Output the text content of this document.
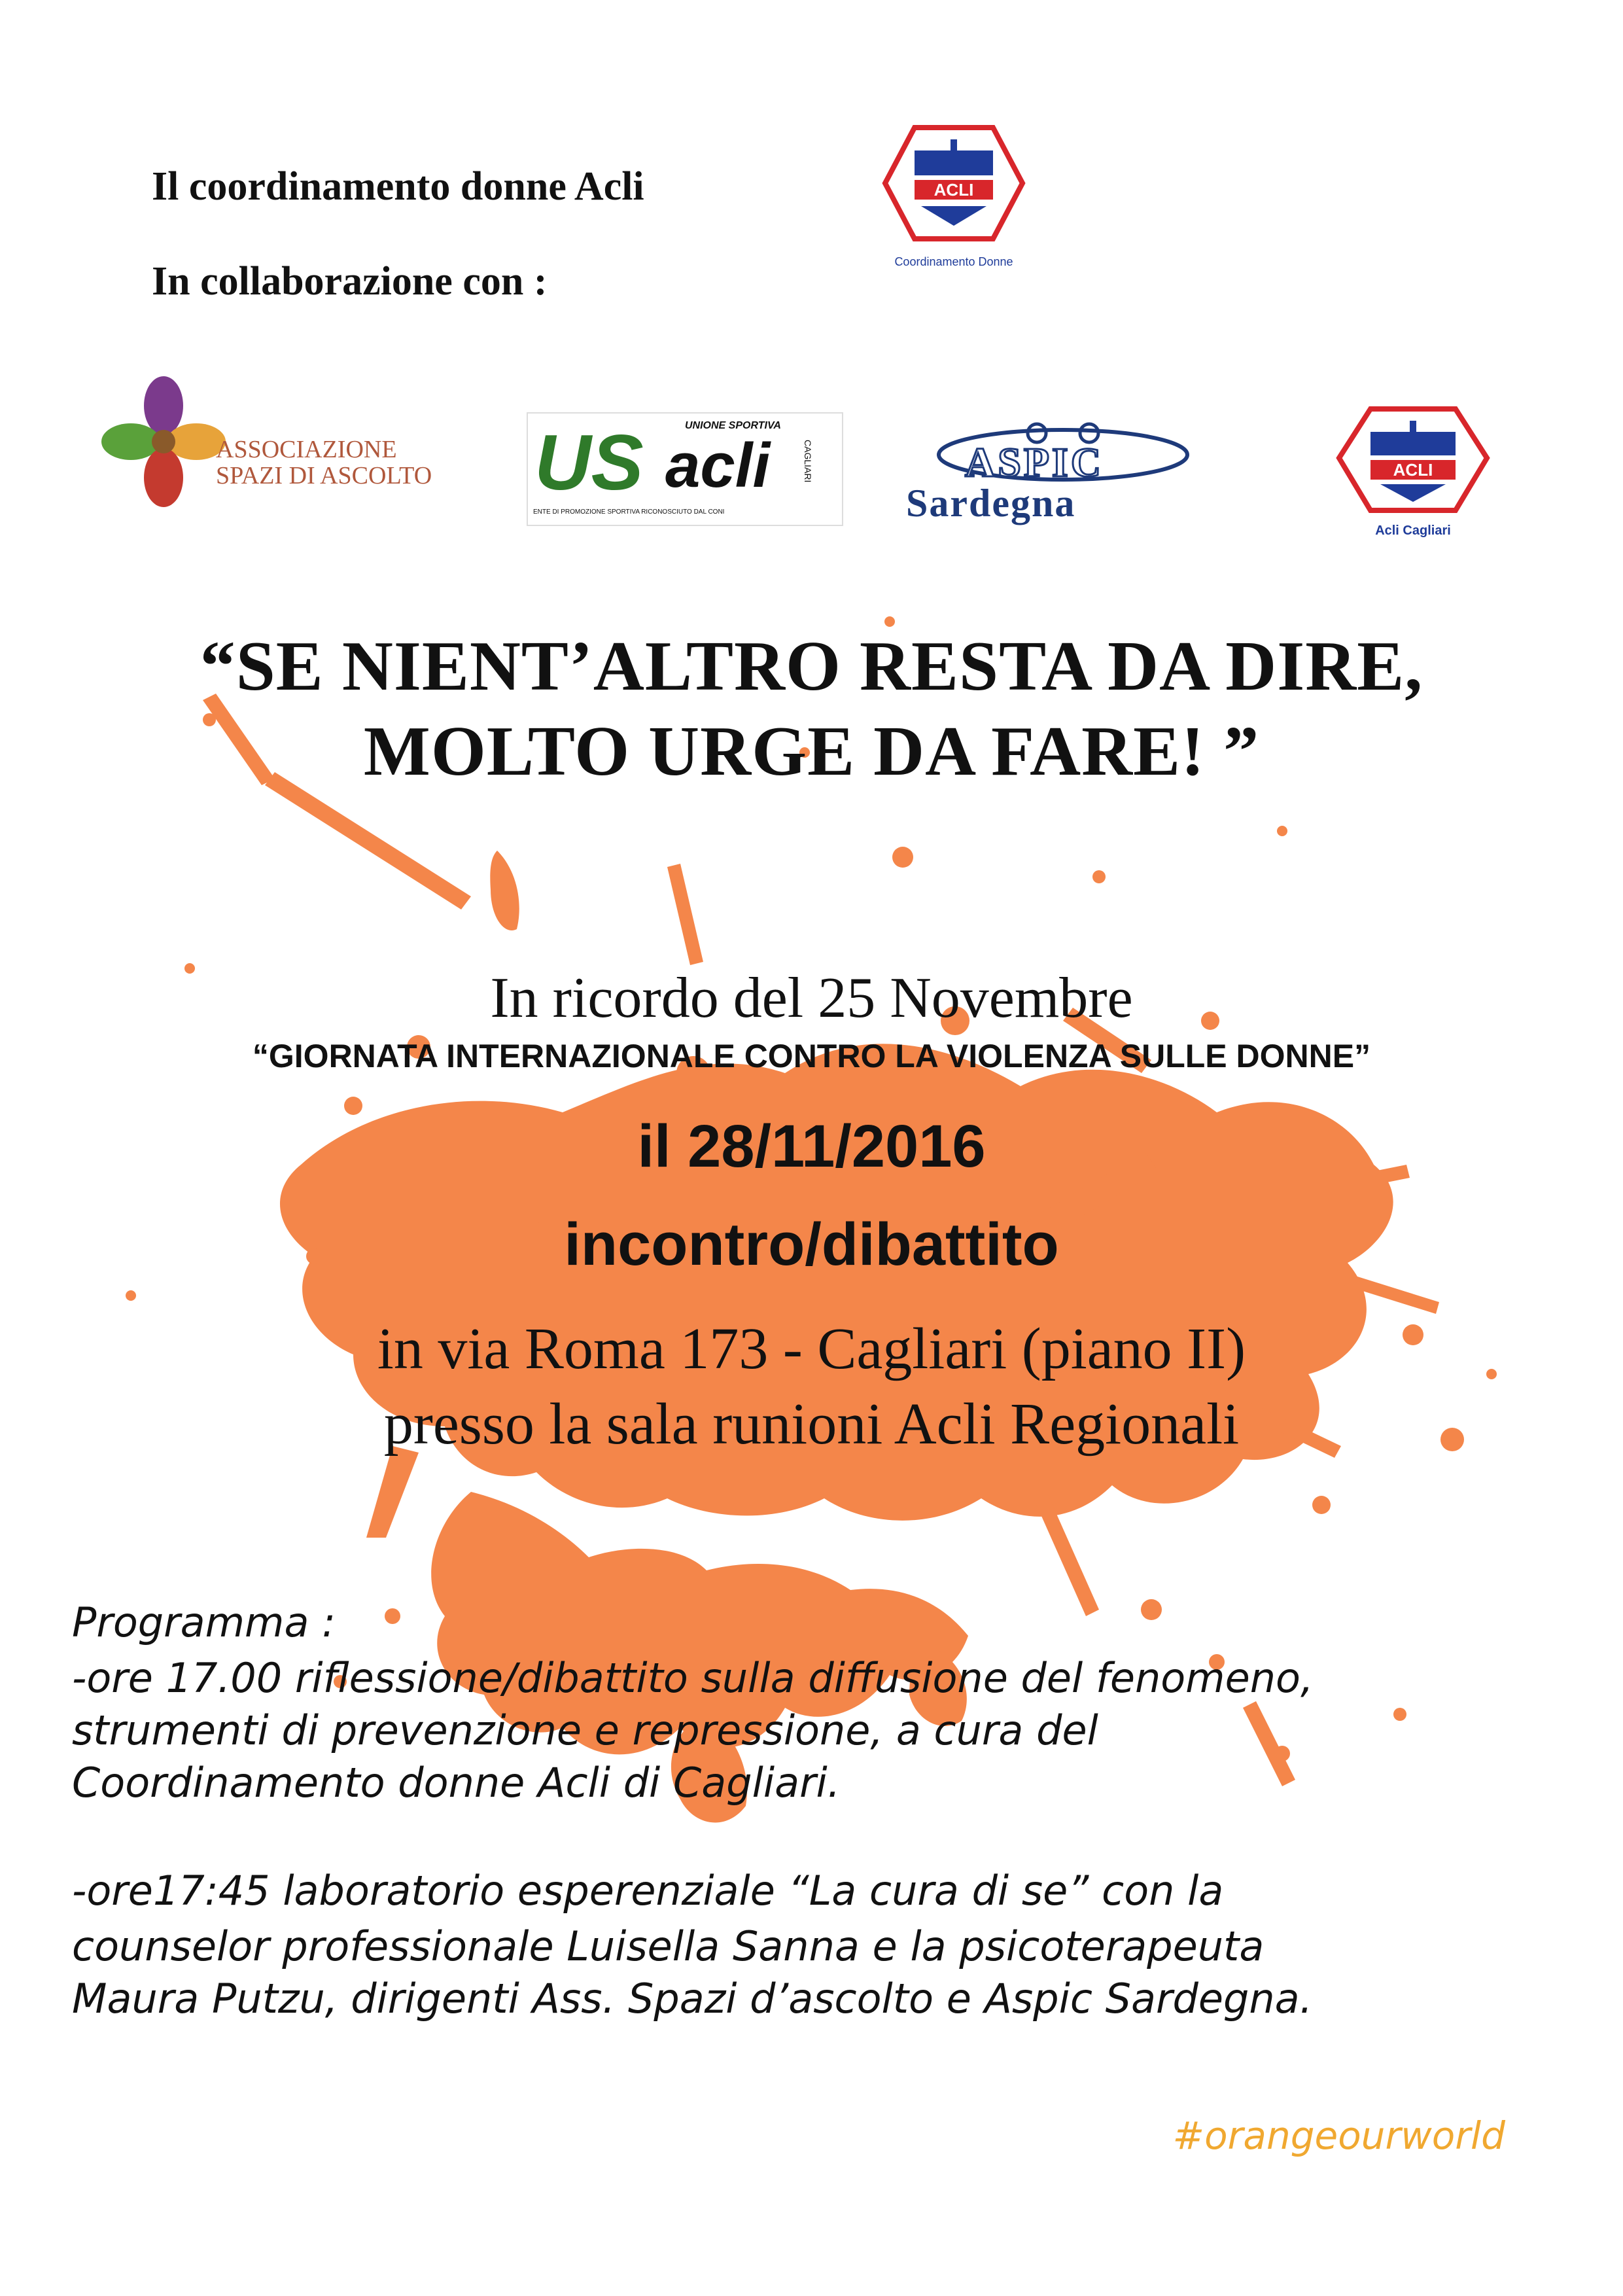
Il coordinamento donne Acli
In collaborazione con :
ACLI
Coordinamento Donne
ASSOCIAZIONE
SPAZI DI ASCOLTO
UNIONE SPORTIVA
US acli	CAGLIARI
ENTE DI PROMOZIONE SPORTIVA RICONOSCIUTO DAL CONI
ASPIC
Sardegna
ACLI
Acli Cagliari
“SE NIENT’ALTRO RESTA DA DIRE,
MOLTO URGE DA FARE! ”
In ricordo del 25 Novembre
“GIORNATA INTERNAZIONALE CONTRO LA VIOLENZA SULLE DONNE”
il 28/11/2016
incontro/dibattito
in via Roma 173 - Cagliari (piano II)
presso la sala runioni Acli Regionali
Programma :
-ore 17.00 riflessione/dibattito sulla diffusione del fenomeno,
strumenti di prevenzione e repressione, a cura del
Coordinamento donne Acli di Cagliari.
-ore17:45 laboratorio esperenziale “La cura di se” con la
counselor professionale Luisella Sanna e la psicoterapeuta
Maura Putzu, dirigenti Ass. Spazi d’ascolto e Aspic Sardegna.
#orangeourworld
